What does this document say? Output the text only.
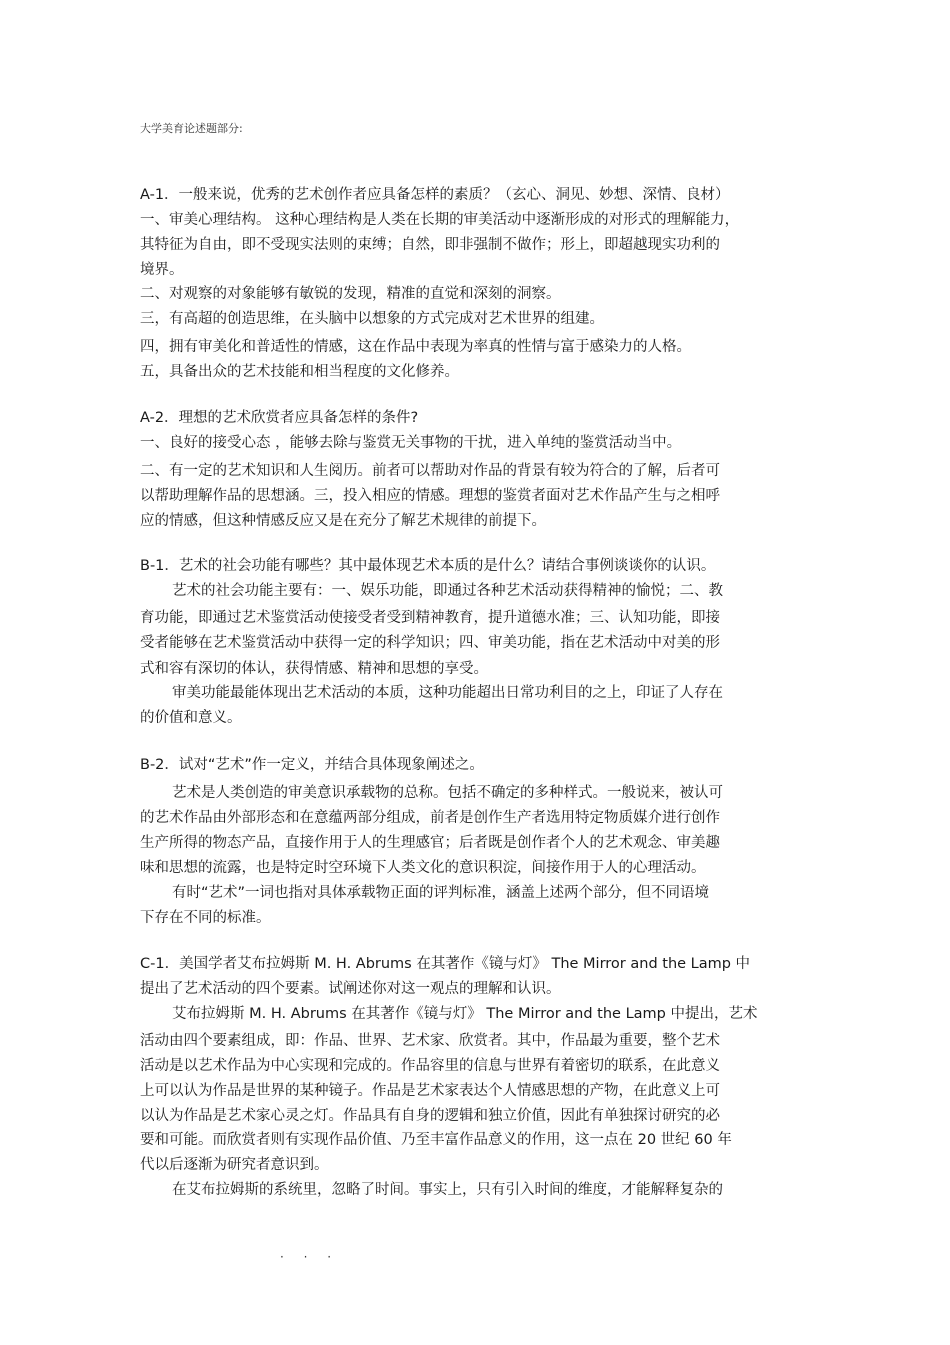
大学美育论述题部分:
A-1．一般来说，优秀的艺术创作者应具备怎样的素质？（玄心、洞见、妙想、深情、良材）
一、审美心理结构。 这种心理结构是人类在长期的审美活动中逐渐形成的对形式的理解能力，
其特征为自由，即不受现实法则的束缚；自然，即非强制不做作；形上，即超越现实功利的
境界。
二、对观察的对象能够有敏锐的发现，精准的直觉和深刻的洞察。
三，有高超的创造思维，在头脑中以想象的方式完成对艺术世界的组建。
四，拥有审美化和普适性的情感，这在作品中表现为率真的性情与富于感染力的人格。
五，具备出众的艺术技能和相当程度的文化修养。
A-2．理想的艺术欣赏者应具备怎样的条件?
一、良好的接受心态 ，能够去除与鉴赏无关事物的干扰，进入单纯的鉴赏活动当中。
二、有一定的艺术知识和人生阅历。前者可以帮助对作品的背景有较为符合的了解，后者可
以帮助理解作品的思想涵。三，投入相应的情感。理想的鉴赏者面对艺术作品产生与之相呼
应的情感，但这种情感反应又是在充分了解艺术规律的前提下。
B-1．艺术的社会功能有哪些？其中最体现艺术本质的是什么？请结合事例谈谈你的认识。
艺术的社会功能主要有：一、娱乐功能，即通过各种艺术活动获得精神的愉悦；二、教
育功能，即通过艺术鉴赏活动使接受者受到精神教育，提升道德水准；三、认知功能，即接
受者能够在艺术鉴赏活动中获得一定的科学知识；四、审美功能，指在艺术活动中对美的形
式和容有深切的体认，获得情感、精神和思想的享受。
审美功能最能体现出艺术活动的本质，这种功能超出日常功利目的之上，印证了人存在
的价值和意义。
B-2．试对“艺术”作一定义，并结合具体现象阐述之。
艺术是人类创造的审美意识承载物的总称。包括不确定的多种样式。一般说来，被认可
的艺术作品由外部形态和在意蕴两部分组成，前者是创作生产者选用特定物质媒介进行创作
生产所得的物态产品，直接作用于人的生理感官；后者既是创作者个人的艺术观念、审美趣
味和思想的流露，也是特定时空环境下人类文化的意识积淀，间接作用于人的心理活动。
有时“艺术”一词也指对具体承载物正面的评判标准，涵盖上述两个部分，但不同语境
下存在不同的标准。
C-1．美国学者艾布拉姆斯 M. H. Abrums 在其著作《镜与灯》 The Mirror and the Lamp 中
提出了艺术活动的四个要素。试阐述你对这一观点的理解和认识。
艾布拉姆斯 M. H. Abrums 在其著作《镜与灯》 The Mirror and the Lamp 中提出，艺术
活动由四个要素组成，即：作品、世界、艺术家、欣赏者。其中，作品最为重要，整个艺术
活动是以艺术作品为中心实现和完成的。作品容里的信息与世界有着密切的联系，在此意义
上可以认为作品是世界的某种镜子。作品是艺术家表达个人情感思想的产物，在此意义上可
以认为作品是艺术家心灵之灯。作品具有自身的逻辑和独立价值，因此有单独探讨研究的必
要和可能。而欣赏者则有实现作品价值、乃至丰富作品意义的作用，这一点在 20 世纪 60 年
代以后逐渐为研究者意识到。
在艾布拉姆斯的系统里，忽略了时间。事实上，只有引入时间的维度，才能解释复杂的
· · ·
